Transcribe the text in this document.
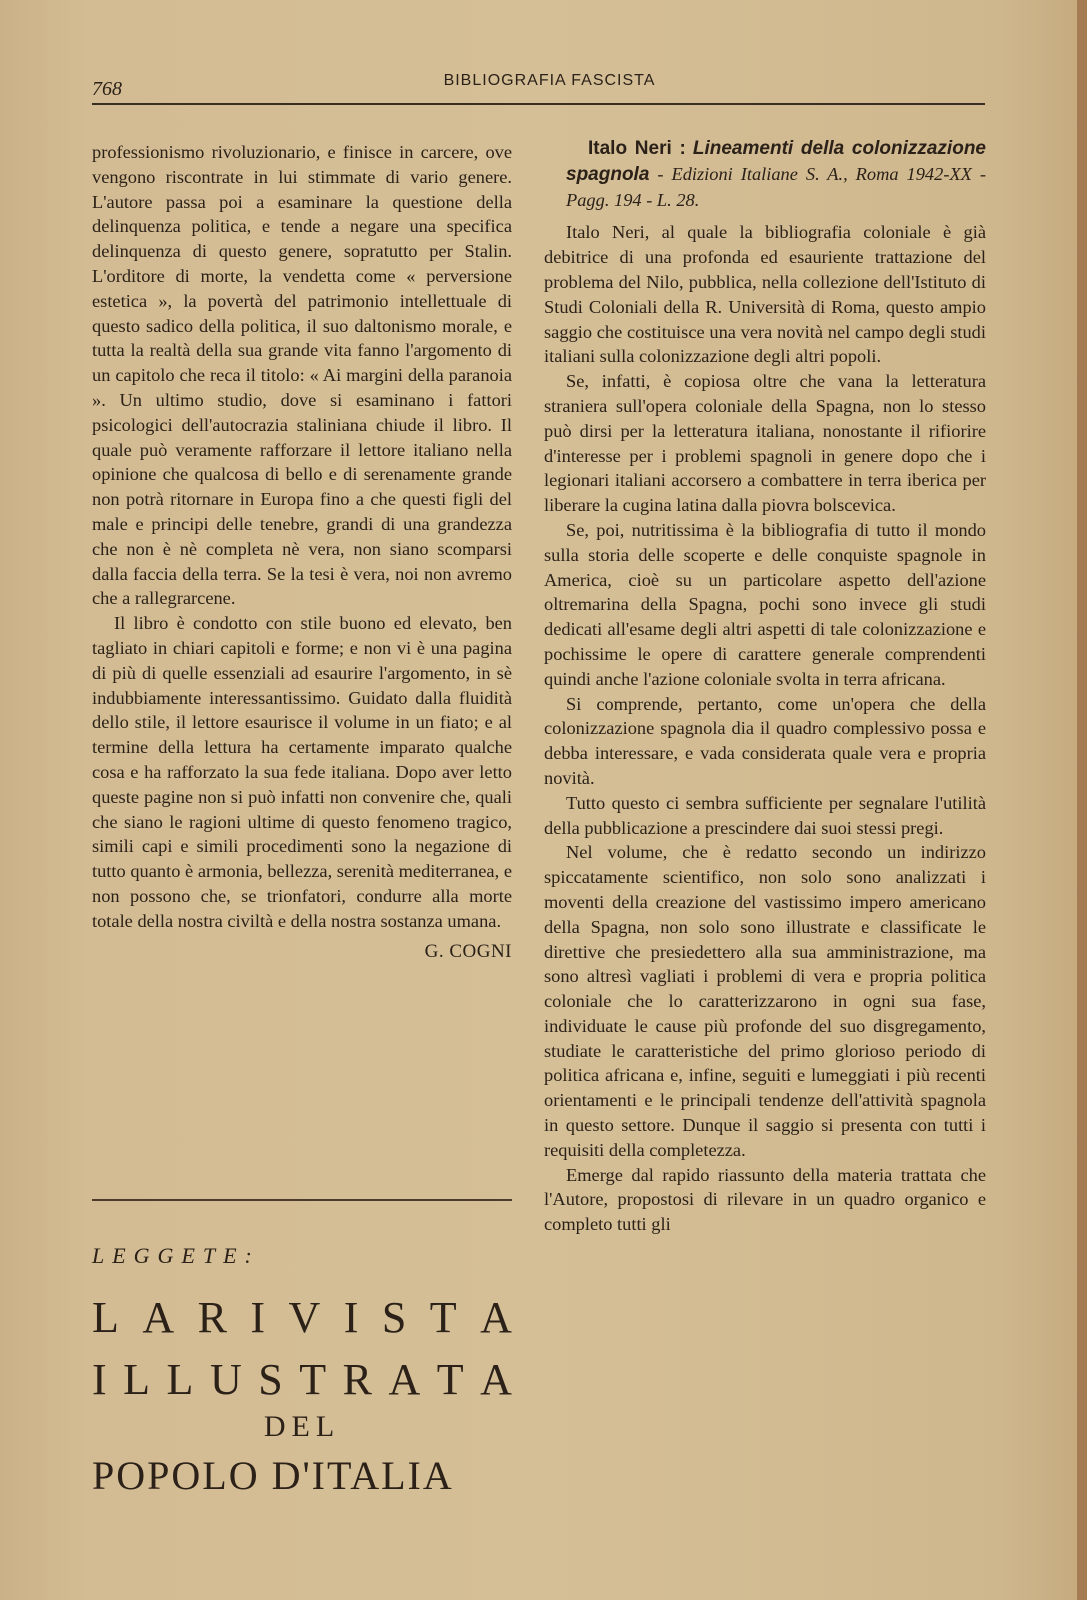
768	BIBLIOGRAFIA FASCISTA

professionismo rivoluzionario, e finisce in carcere, ove vengono riscontrate in lui stimmate di vario genere. L'autore passa poi a esaminare la questione della delinquenza politica, e tende a negare una specifica delinquenza di questo genere, sopratutto per Stalin. L'orditore di morte, la vendetta come « perversione estetica », la povertà del patrimonio intellettuale di questo sadico della politica, il suo daltonismo morale, e tutta la realtà della sua grande vita fanno l'argomento di un capitolo che reca il titolo: « Ai margini della paranoia ». Un ultimo studio, dove si esaminano i fattori psicologici dell'autocrazia staliniana chiude il libro. Il quale può veramente rafforzare il lettore italiano nella opinione che qualcosa di bello e di serenamente grande non potrà ritornare in Europa fino a che questi figli del male e principi delle tenebre, grandi di una grandezza che non è nè completa nè vera, non siano scomparsi dalla faccia della terra. Se la tesi è vera, noi non avremo che a rallegrarcene.

Il libro è condotto con stile buono ed elevato, ben tagliato in chiari capitoli e forme; e non vi è una pagina di più di quelle essenziali ad esaurire l'argomento, in sè indubbiamente interessantissimo. Guidato dalla fluidità dello stile, il lettore esaurisce il volume in un fiato; e al termine della lettura ha certamente imparato qualche cosa e ha rafforzato la sua fede italiana. Dopo aver letto queste pagine non si può infatti non convenire che, quali che siano le ragioni ultime di questo fenomeno tragico, simili capi e simili procedimenti sono la negazione di tutto quanto è armonia, bellezza, serenità mediterranea, e non possono che, se trionfatori, condurre alla morte totale della nostra civiltà e della nostra sostanza umana.

G. COGNI
LEGGETE:
L A R I V I S T A
I L L U S T R A T A
DEL
POPOLO D'ITALIA

Italo Neri : Lineamenti della colonizzazione spagnola - Edizioni Italiane S. A., Roma 1942-XX - Pagg. 194 - L. 28.

Italo Neri, al quale la bibliografia coloniale è già debitrice di una profonda ed esauriente trattazione del problema del Nilo, pubblica, nella collezione dell'Istituto di Studi Coloniali della R. Università di Roma, questo ampio saggio che costituisce una vera novità nel campo degli studi italiani sulla colonizzazione degli altri popoli.

Se, infatti, è copiosa oltre che vana la letteratura straniera sull'opera coloniale della Spagna, non lo stesso può dirsi per la letteratura italiana, nonostante il rifiorire d'interesse per i problemi spagnoli in genere dopo che i legionari italiani accorsero a combattere in terra iberica per liberare la cugina latina dalla piovra bolscevica.

Se, poi, nutritissima è la bibliografia di tutto il mondo sulla storia delle scoperte e delle conquiste spagnole in America, cioè su un particolare aspetto dell'azione oltremarina della Spagna, pochi sono invece gli studi dedicati all'esame degli altri aspetti di tale colonizzazione e pochissime le opere di carattere generale comprendenti quindi anche l'azione coloniale svolta in terra africana.

Si comprende, pertanto, come un'opera che della colonizzazione spagnola dia il quadro complessivo possa e debba interessare, e vada considerata quale vera e propria novità.

Tutto questo ci sembra sufficiente per segnalare l'utilità della pubblicazione a prescindere dai suoi stessi pregi.

Nel volume, che è redatto secondo un indirizzo spiccatamente scientifico, non solo sono analizzati i moventi della creazione del vastissimo impero americano della Spagna, non solo sono illustrate e classificate le direttive che presiedettero alla sua amministrazione, ma sono altresì vagliati i problemi di vera e propria politica coloniale che lo caratterizzarono in ogni sua fase, individuate le cause più profonde del suo disgregamento, studiate le caratteristiche del primo glorioso periodo di politica africana e, infine, seguiti e lumeggiati i più recenti orientamenti e le principali tendenze dell'attività spagnola in questo settore. Dunque il saggio si presenta con tutti i requisiti della completezza.

Emerge dal rapido riassunto della materia trattata che l'Autore, propostosi di rilevare in un quadro organico e completo tutti gli
